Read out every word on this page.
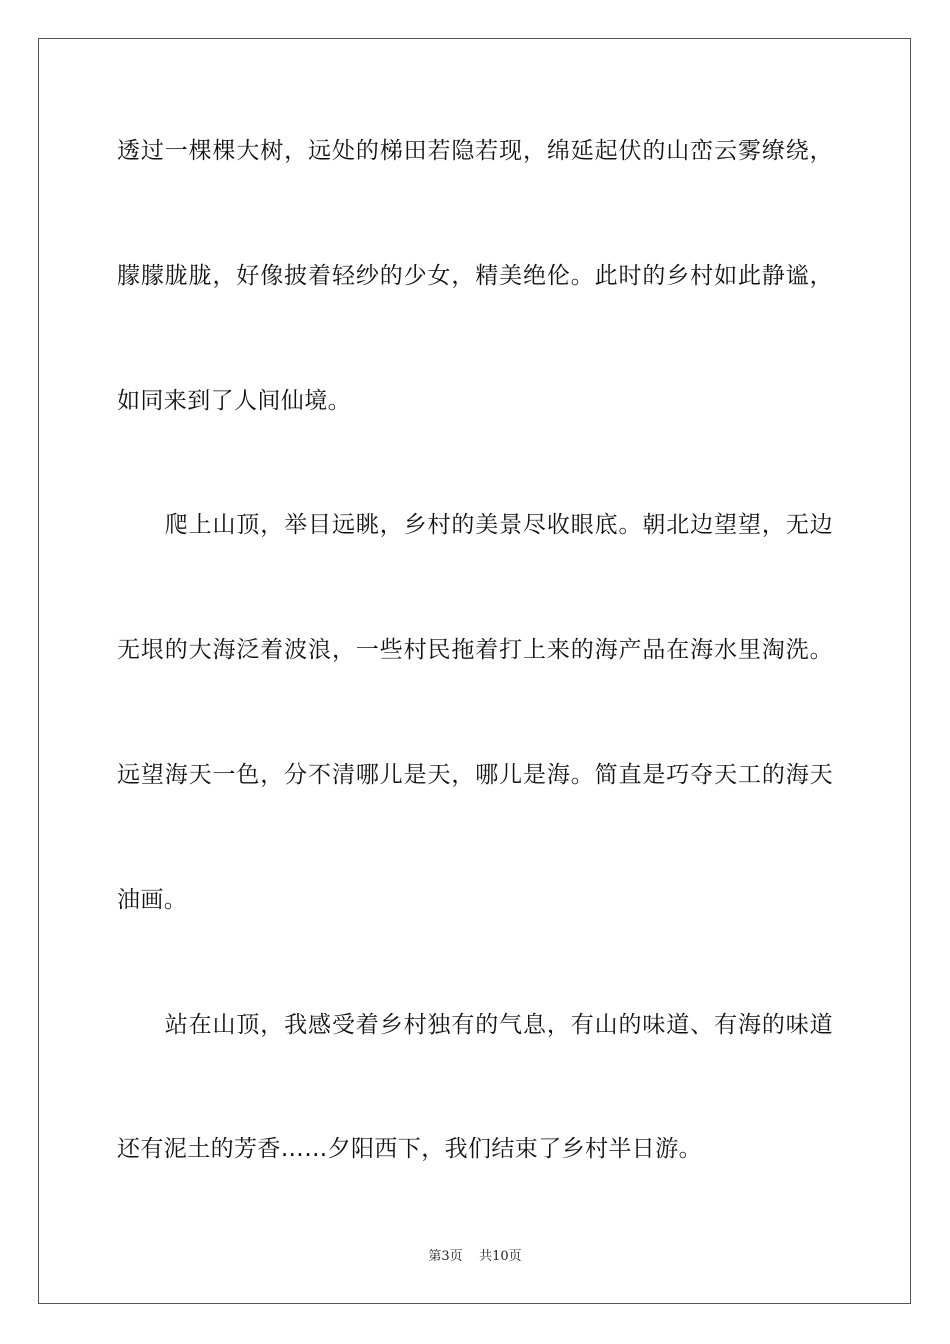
透过一棵棵大树，远处的梯田若隐若现，绵延起伏的山峦云雾缭绕，
朦朦胧胧，好像披着轻纱的少女，精美绝伦。此时的乡村如此静谧，
如同来到了人间仙境。
　　爬上山顶，举目远眺，乡村的美景尽收眼底。朝北边望望，无边
无垠的大海泛着波浪，一些村民拖着打上来的海产品在海水里淘洗。
远望海天一色，分不清哪儿是天，哪儿是海。简直是巧夺天工的海天
油画。
　　站在山顶，我感受着乡村独有的气息，有山的味道、有海的味道
还有泥土的芳香……夕阳西下，我们结束了乡村半日游。
第3页 共10页
